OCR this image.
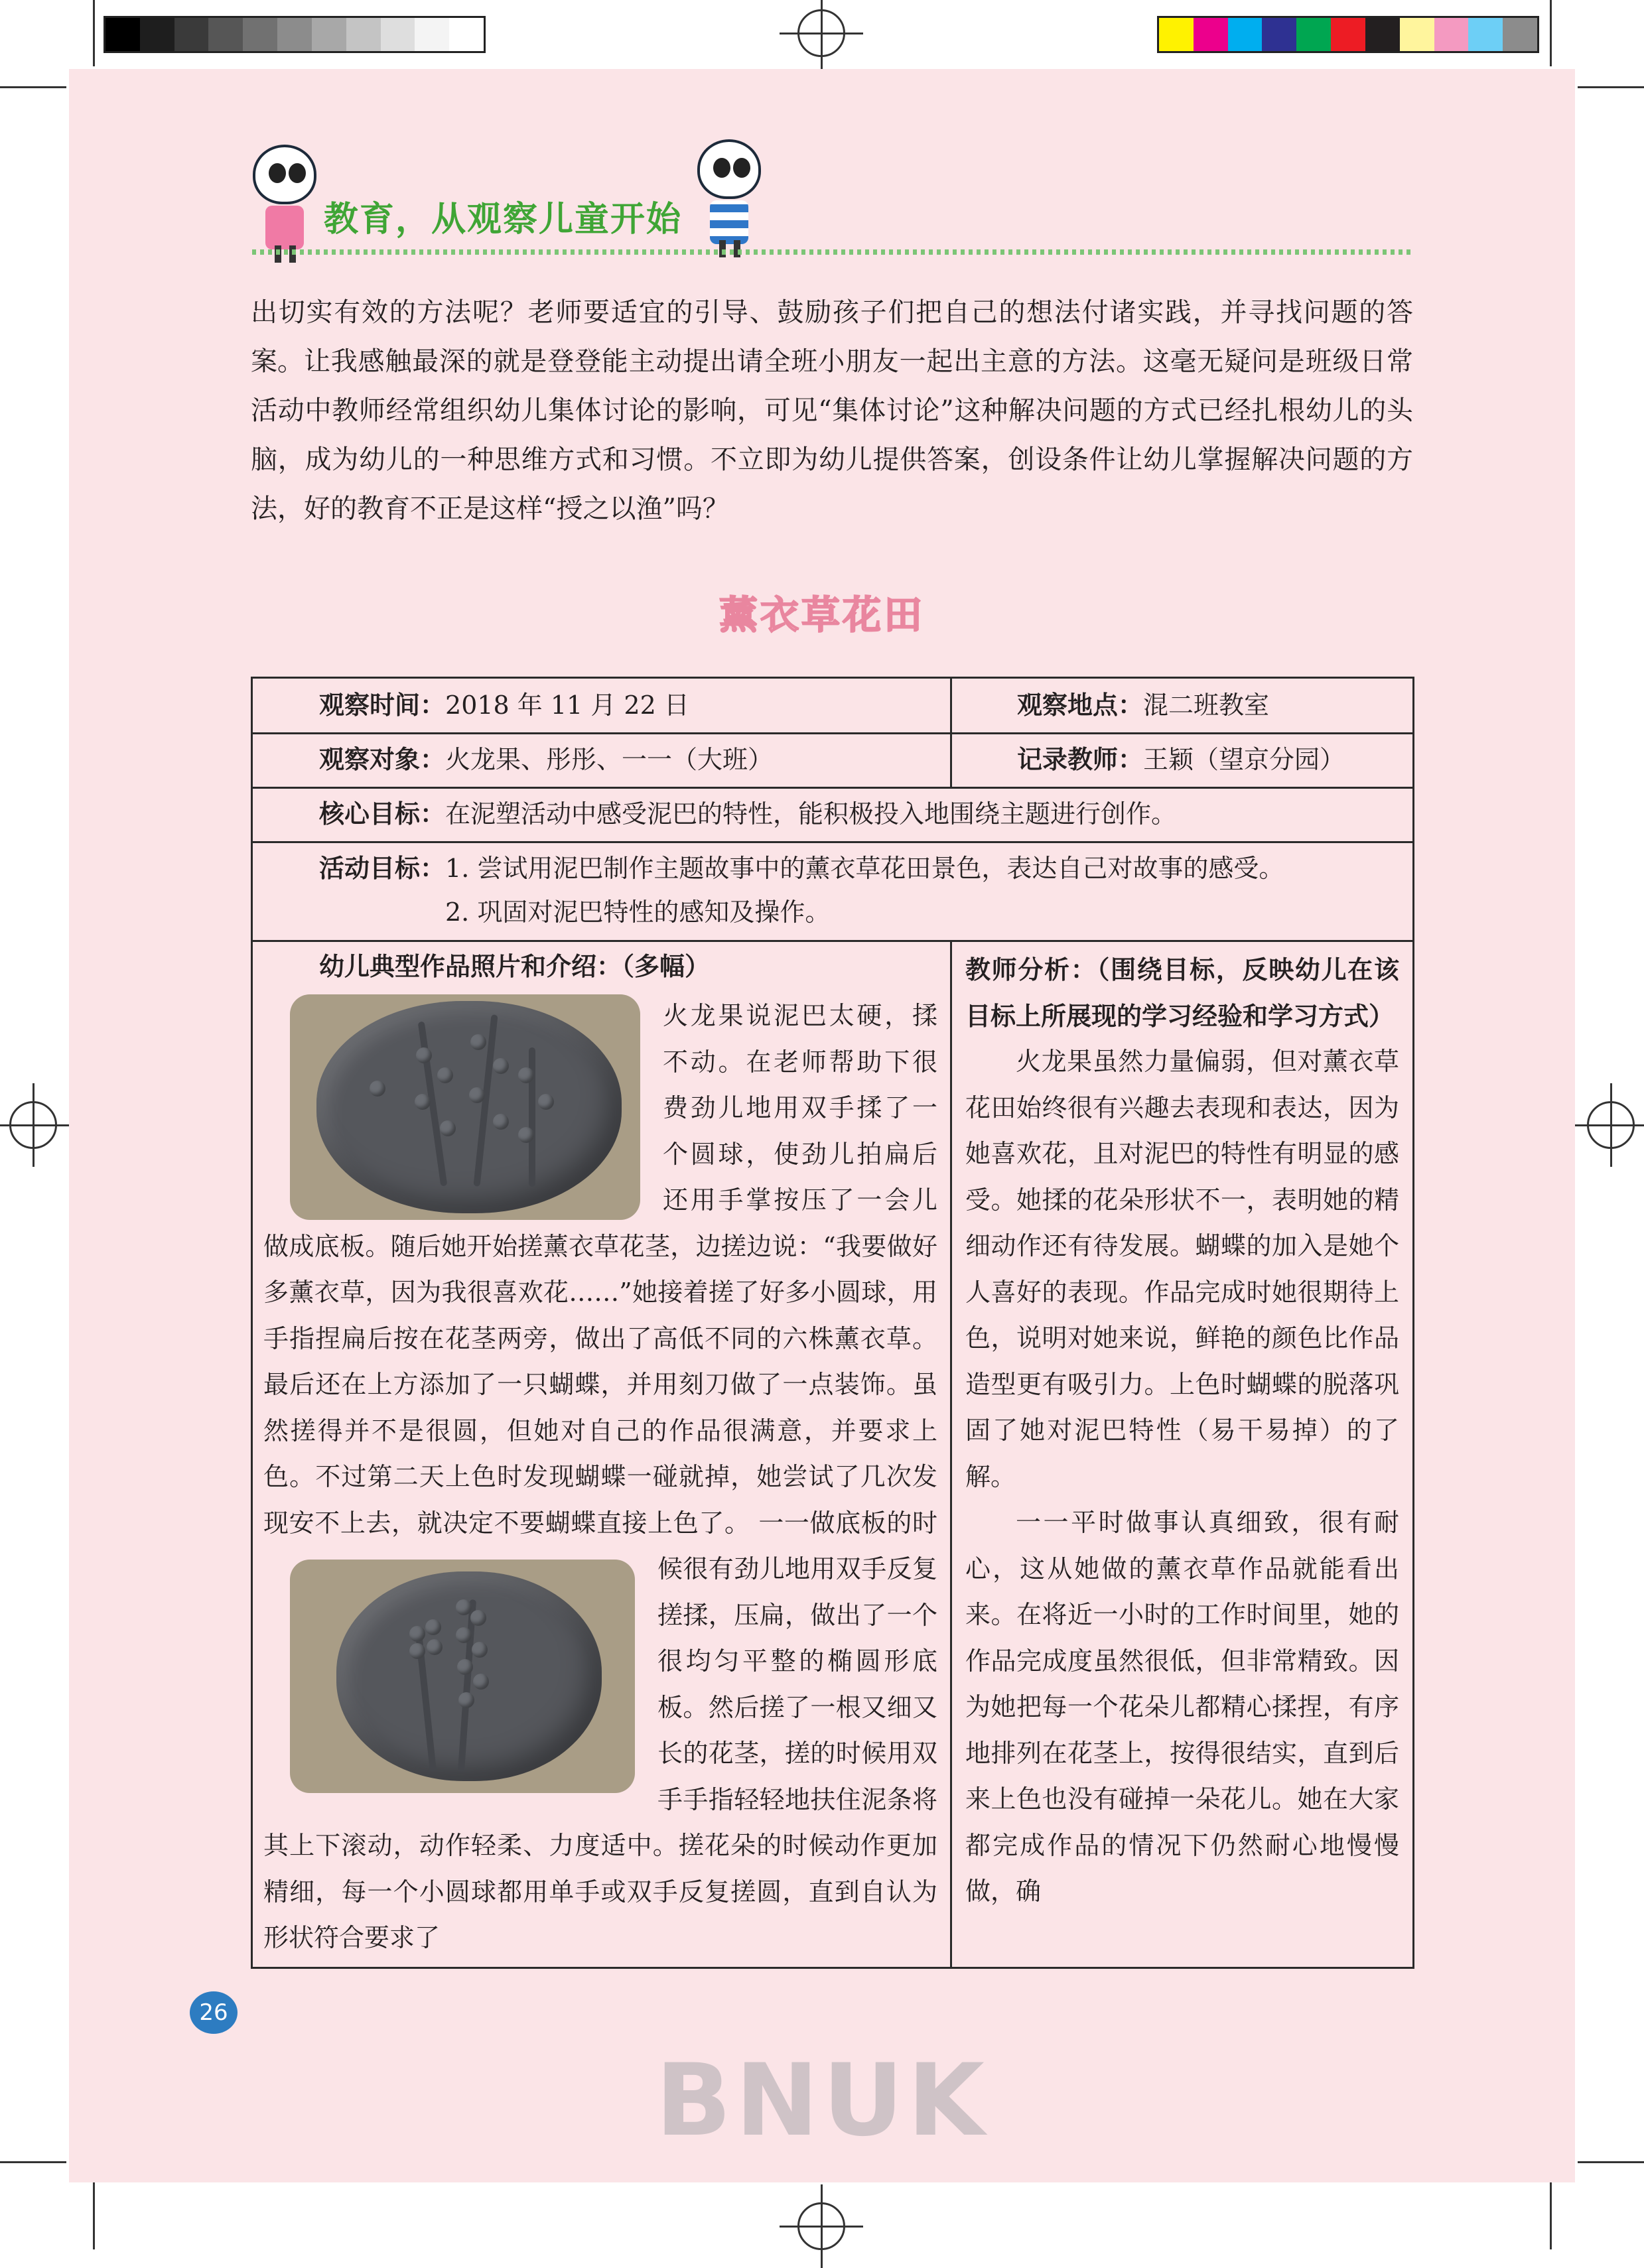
教育，从观察儿童开始
出切实有效的方法呢？老师要适宜的引导、鼓励孩子们把自己的想法付诸实践，并寻找问题的答案。 让我感触最深的就是登登能主动提出请全班小朋友一起出主意的方法。这毫无疑问是班级日常活动中教师经常组织幼儿集体讨论的影响，可见“集体讨论”这种解决问题的方式已经扎根幼儿的头脑，成为幼儿的一种思维方式和习惯。不立即为幼儿提供答案，创设条件让幼儿掌握解决问题的方法，好的教育不正是这样“授之以渔”吗？
薰衣草花田
观察时间：2018 年 11 月 22 日	观察地点：混二班教室
观察对象：火龙果、彤彤、一一（大班）	记录教师：王颖（望京分园）
核心目标：在泥塑活动中感受泥巴的特性，能积极投入地围绕主题进行创作。
活动目标：1. 尝试用泥巴制作主题故事中的薰衣草花田景色，表达自己对故事的感受。
2. 巩固对泥巴特性的感知及操作。
幼儿典型作品照片和介绍：（多幅）
火龙果说泥巴太硬，揉不动。在老师帮助下很费劲儿地用双手揉了一个圆球，使劲儿拍扁后还用手掌按压了一会儿做成底板。随后她开始搓薰衣草花茎，边搓边说：“我要做好多薰衣草，因为我很喜欢花……”她接着搓了好多小圆球，用手指捏扁后按在花茎两旁，做出了高低不同的六株薰衣草。最后还在上方添加了一只蝴蝶，并用刻刀做了一点装饰。虽然搓得并不是很圆，但她对自己的作品很满意，并要求上色。不过第二天上色时发现蝴蝶一碰就掉，她尝试了几次发现安不上去，就决定不要蝴蝶直接上色了。 一一做底板的时候很有劲儿地用双手反复搓揉，压扁，做出了一个很均匀平整的椭圆形底板。然后搓了一根又细又长的花茎，搓的时候用双手手指轻轻地扶住泥条将其上下滚动，动作轻柔、力度适中。搓花朵的时候动作更加精细，每一个小圆球都用单手或双手反复搓圆，直到自认为形状符合要求了
教师分析：（围绕目标，反映幼儿在该目标上所展现的学习经验和学习方式）
火龙果虽然力量偏弱，但对薰衣草花田始终很有兴趣去表现和表达，因为她喜欢花，且对泥巴的特性有明显的感受。她揉的花朵形状不一，表明她的精细动作还有待发展。蝴蝶的加入是她个人喜好的表现。作品完成时她很期待上色，说明对她来说，鲜艳的颜色比作品造型更有吸引力。上色时蝴蝶的脱落巩固了她对泥巴特性（易干易掉）的了解。
一一平时做事认真细致，很有耐心，这从她做的薰衣草作品就能看出来。在将近一小时的工作时间里，她的作品完成度虽然很低，但非常精致。因为她把每一个花朵儿都精心揉捏，有序地排列在花茎上，按得很结实，直到后来上色也没有碰掉一朵花儿。她在大家都完成作品的情况下仍然耐心地慢慢做，确
26
BNUK
